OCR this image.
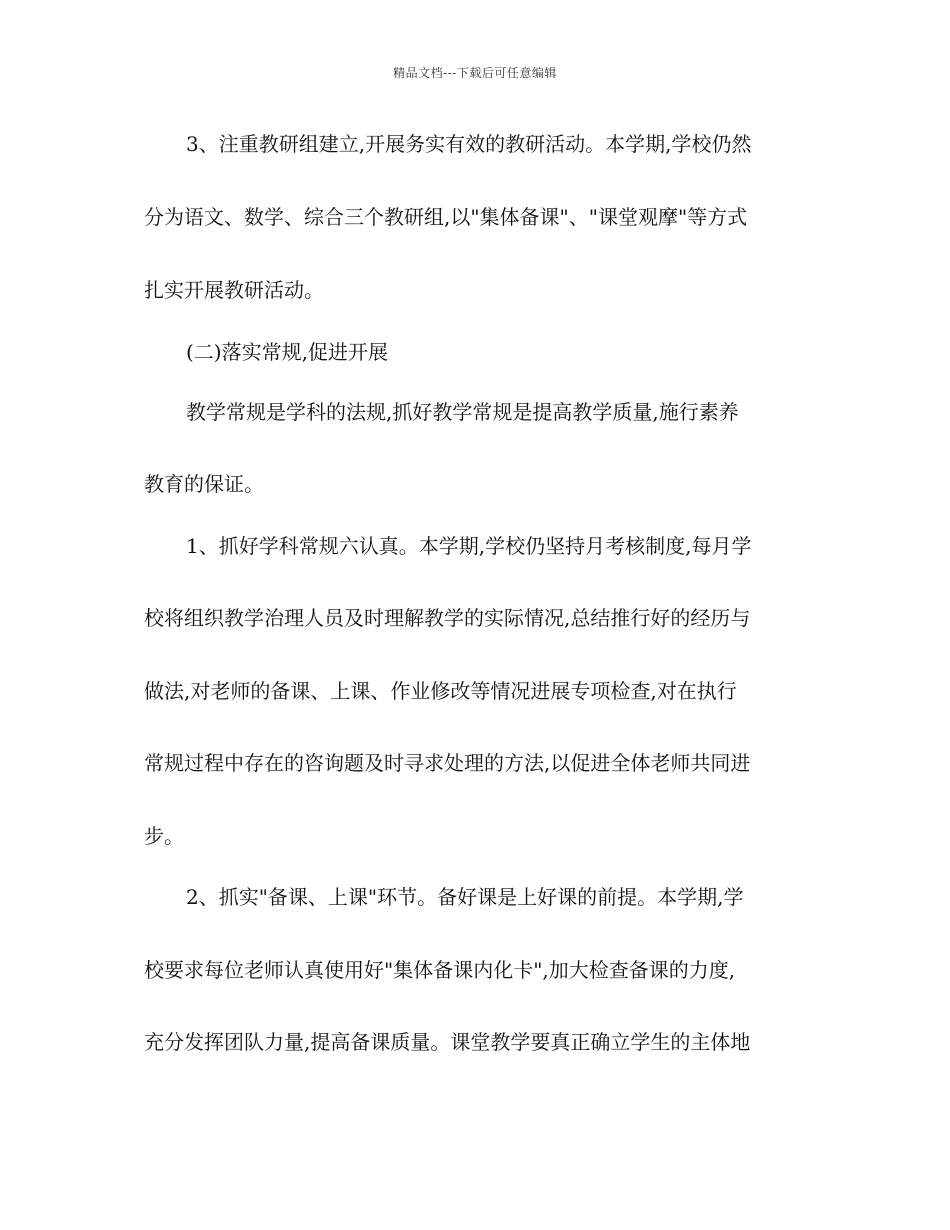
精品文档---下载后可任意编辑
3、注重教研组建立,开展务实有效的教研活动。本学期,学校仍然
分为语文、数学、综合三个教研组,以"集体备课"、"课堂观摩"等方式
扎实开展教研活动。
(二)落实常规,促进开展
教学常规是学科的法规,抓好教学常规是提高教学质量,施行素养
教育的保证。
1、抓好学科常规六认真。本学期,学校仍坚持月考核制度,每月学
校将组织教学治理人员及时理解教学的实际情况,总结推行好的经历与
做法,对老师的备课、上课、作业修改等情况进展专项检查,对在执行
常规过程中存在的咨询题及时寻求处理的方法,以促进全体老师共同进
步。
2、抓实"备课、上课"环节。备好课是上好课的前提。本学期,学
校要求每位老师认真使用好"集体备课内化卡",加大检查备课的力度,
充分发挥团队力量,提高备课质量。课堂教学要真正确立学生的主体地
